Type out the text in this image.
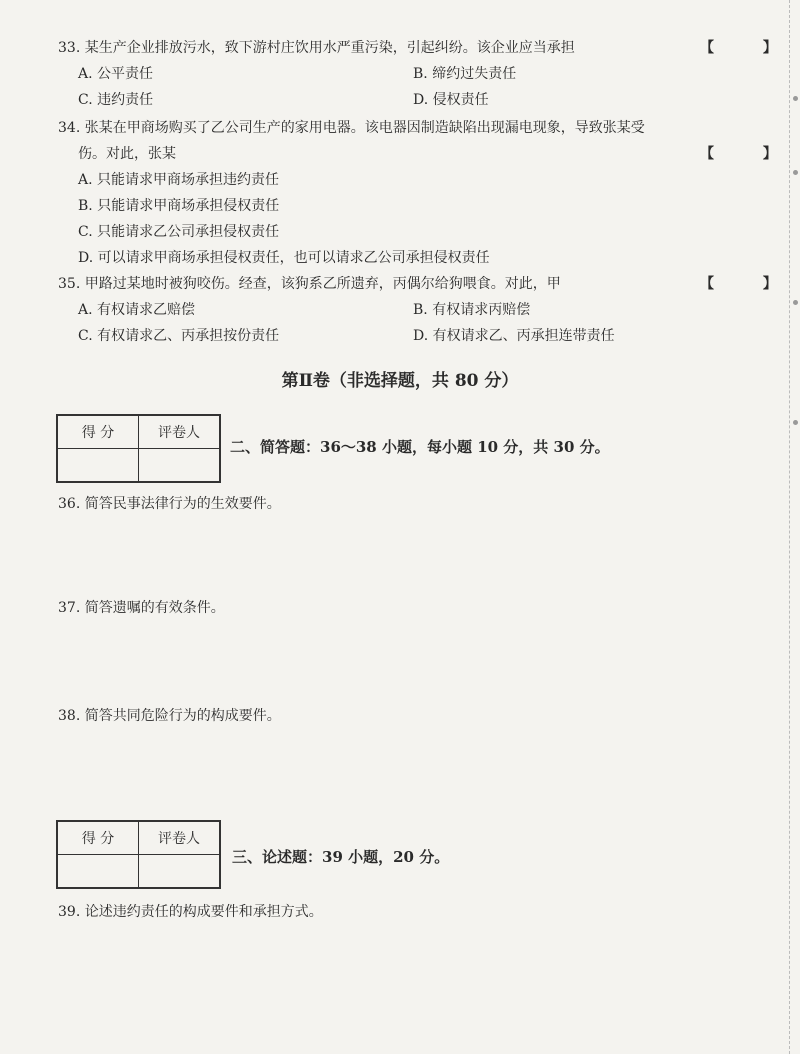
33. 某生产企业排放污水，致下游村庄饮用水严重污染，引起纠纷。该企业应当承担	【 】
A. 公平责任	B. 缔约过失责任
C. 违约责任	D. 侵权责任
34. 张某在甲商场购买了乙公司生产的家用电器。该电器因制造缺陷出现漏电现象，导致张某受
伤。对此，张某	【 】
A. 只能请求甲商场承担违约责任
B. 只能请求甲商场承担侵权责任
C. 只能请求乙公司承担侵权责任
D. 可以请求甲商场承担侵权责任，也可以请求乙公司承担侵权责任
35. 甲路过某地时被狗咬伤。经查，该狗系乙所遗弃，丙偶尔给狗喂食。对此，甲	【 】
A. 有权请求乙赔偿	B. 有权请求丙赔偿
C. 有权请求乙、丙承担按份责任	D. 有权请求乙、丙承担连带责任
第Ⅱ卷（非选择题，共 80 分）
得 分	评卷人

二、简答题：36～38 小题，每小题 10 分，共 30 分。
36. 简答民事法律行为的生效要件。
37. 简答遗嘱的有效条件。
38. 简答共同危险行为的构成要件。
得 分	评卷人

三、论述题：39 小题，20 分。
39. 论述违约责任的构成要件和承担方式。
